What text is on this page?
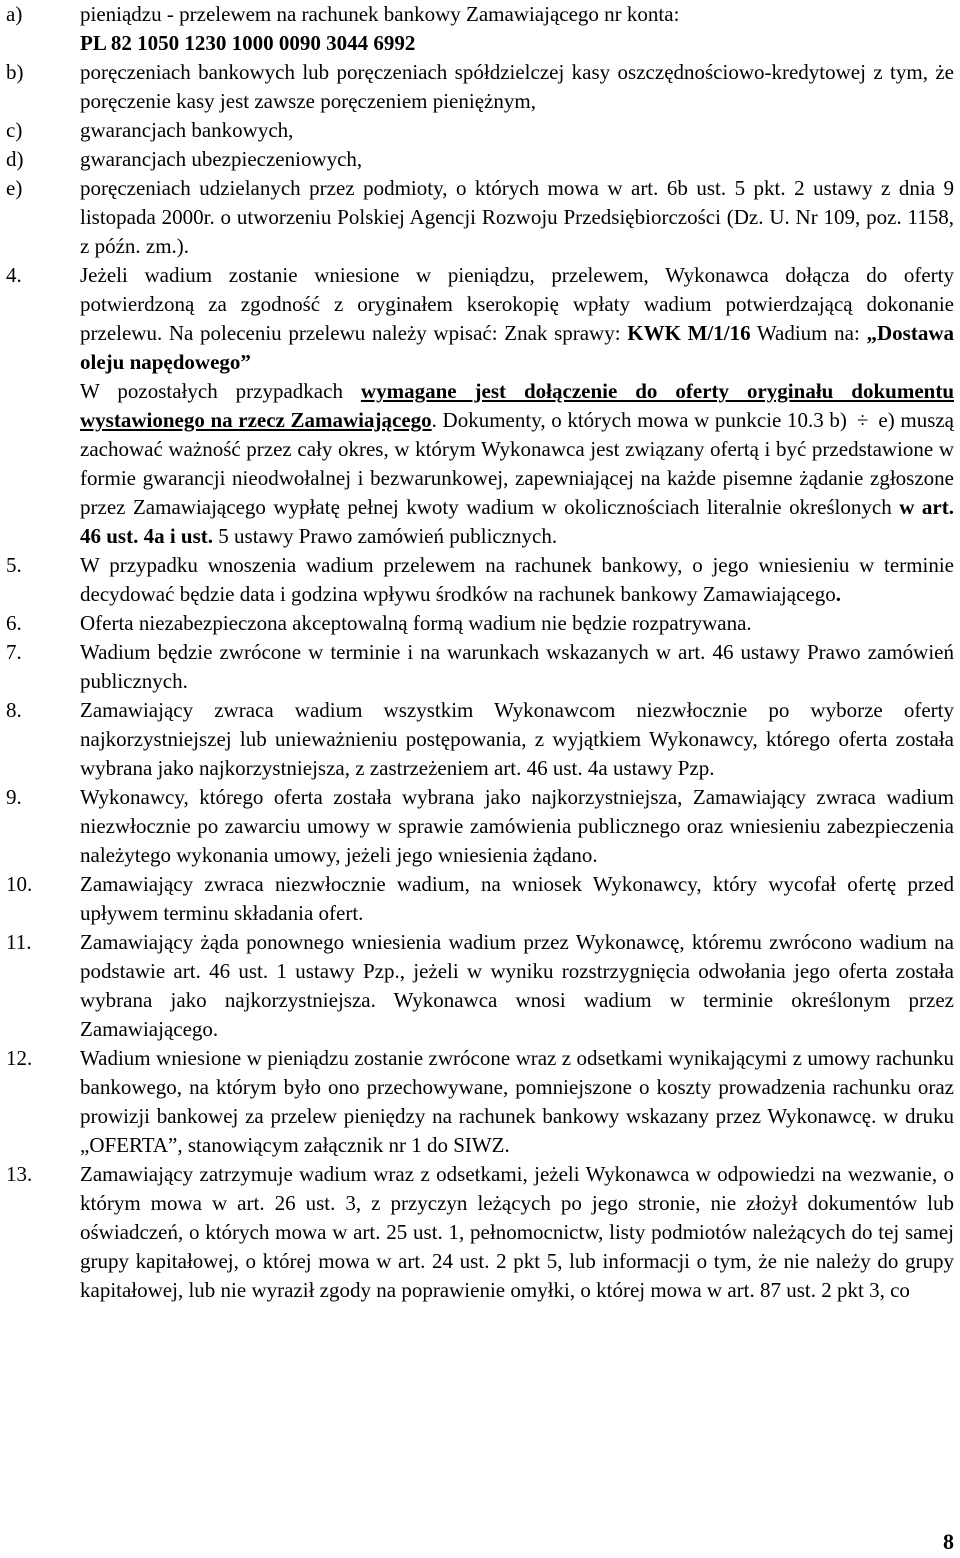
a)	pieniądzu - przelewem na rachunek bankowy Zamawiającego nr konta:
PL 82 1050 1230 1000 0090 3044 6992
b)	poręczeniach bankowych lub poręczeniach spółdzielczej kasy oszczędnościowo-kredytowej z tym, że poręczenie kasy jest zawsze poręczeniem pieniężnym,
c)	gwarancjach bankowych,
d)	gwarancjach ubezpieczeniowych,
e)	poręczeniach udzielanych przez podmioty, o których mowa w art. 6b ust. 5 pkt. 2 ustawy z dnia 9 listopada 2000r. o utworzeniu Polskiej Agencji Rozwoju Przedsiębiorczości (Dz. U. Nr 109, poz. 1158, z późn. zm.).
4.	Jeżeli wadium zostanie wniesione w pieniądzu, przelewem, Wykonawca dołącza do oferty potwierdzoną za zgodność z oryginałem kserokopię wpłaty wadium potwierdzającą dokonanie przelewu. Na poleceniu przelewu należy wpisać: Znak sprawy: KWK M/1/16 Wadium na: „Dostawa oleju napędowego”
W pozostałych przypadkach wymagane jest dołączenie do oferty oryginału dokumentu wystawionego na rzecz Zamawiającego. Dokumenty, o których mowa w punkcie 10.3 b) ÷ e) muszą zachować ważność przez cały okres, w którym Wykonawca jest związany ofertą i być przedstawione w formie gwarancji nieodwołalnej i bezwarunkowej, zapewniającej na każde pisemne żądanie zgłoszone przez Zamawiającego wypłatę pełnej kwoty wadium w okolicznościach literalnie określonych w art. 46 ust. 4a i ust. 5 ustawy Prawo zamówień publicznych.
5.	W przypadku wnoszenia wadium przelewem na rachunek bankowy, o jego wniesieniu w terminie decydować będzie data i godzina wpływu środków na rachunek bankowy Zamawiającego.
6.	Oferta niezabezpieczona akceptowalną formą wadium nie będzie rozpatrywana.
7.	Wadium będzie zwrócone w terminie i na warunkach wskazanych w art. 46 ustawy Prawo zamówień publicznych.
8.	Zamawiający zwraca wadium wszystkim Wykonawcom niezwłocznie po wyborze oferty najkorzystniejszej lub unieważnieniu postępowania, z wyjątkiem Wykonawcy, którego oferta została wybrana jako najkorzystniejsza, z zastrzeżeniem art. 46 ust. 4a ustawy Pzp.
9.	Wykonawcy, którego oferta została wybrana jako najkorzystniejsza, Zamawiający zwraca wadium niezwłocznie po zawarciu umowy w sprawie zamówienia publicznego oraz wniesieniu zabezpieczenia należytego wykonania umowy, jeżeli jego wniesienia żądano.
10.	Zamawiający zwraca niezwłocznie wadium, na wniosek Wykonawcy, który wycofał ofertę przed upływem terminu składania ofert.
11.	Zamawiający żąda ponownego wniesienia wadium przez Wykonawcę, któremu zwrócono wadium na podstawie art. 46 ust. 1 ustawy Pzp., jeżeli w wyniku rozstrzygnięcia odwołania jego oferta została wybrana jako najkorzystniejsza. Wykonawca wnosi wadium w terminie określonym przez Zamawiającego.
12.	Wadium wniesione w pieniądzu zostanie zwrócone wraz z odsetkami wynikającymi z umowy rachunku bankowego, na którym było ono przechowywane, pomniejszone o koszty prowadzenia rachunku oraz prowizji bankowej za przelew pieniędzy na rachunek bankowy wskazany przez Wykonawcę. w druku „OFERTA”, stanowiącym załącznik nr 1 do SIWZ.
13.	Zamawiający zatrzymuje wadium wraz z odsetkami, jeżeli Wykonawca w odpowiedzi na wezwanie, o którym mowa w art. 26 ust. 3, z przyczyn leżących po jego stronie, nie złożył dokumentów lub oświadczeń, o których mowa w art. 25 ust. 1, pełnomocnictw, listy podmiotów należących do tej samej grupy kapitałowej, o której mowa w art. 24 ust. 2 pkt 5, lub informacji o tym, że nie należy do grupy kapitałowej, lub nie wyraził zgody na poprawienie omyłki, o której mowa w art. 87 ust. 2 pkt 3, co
8
